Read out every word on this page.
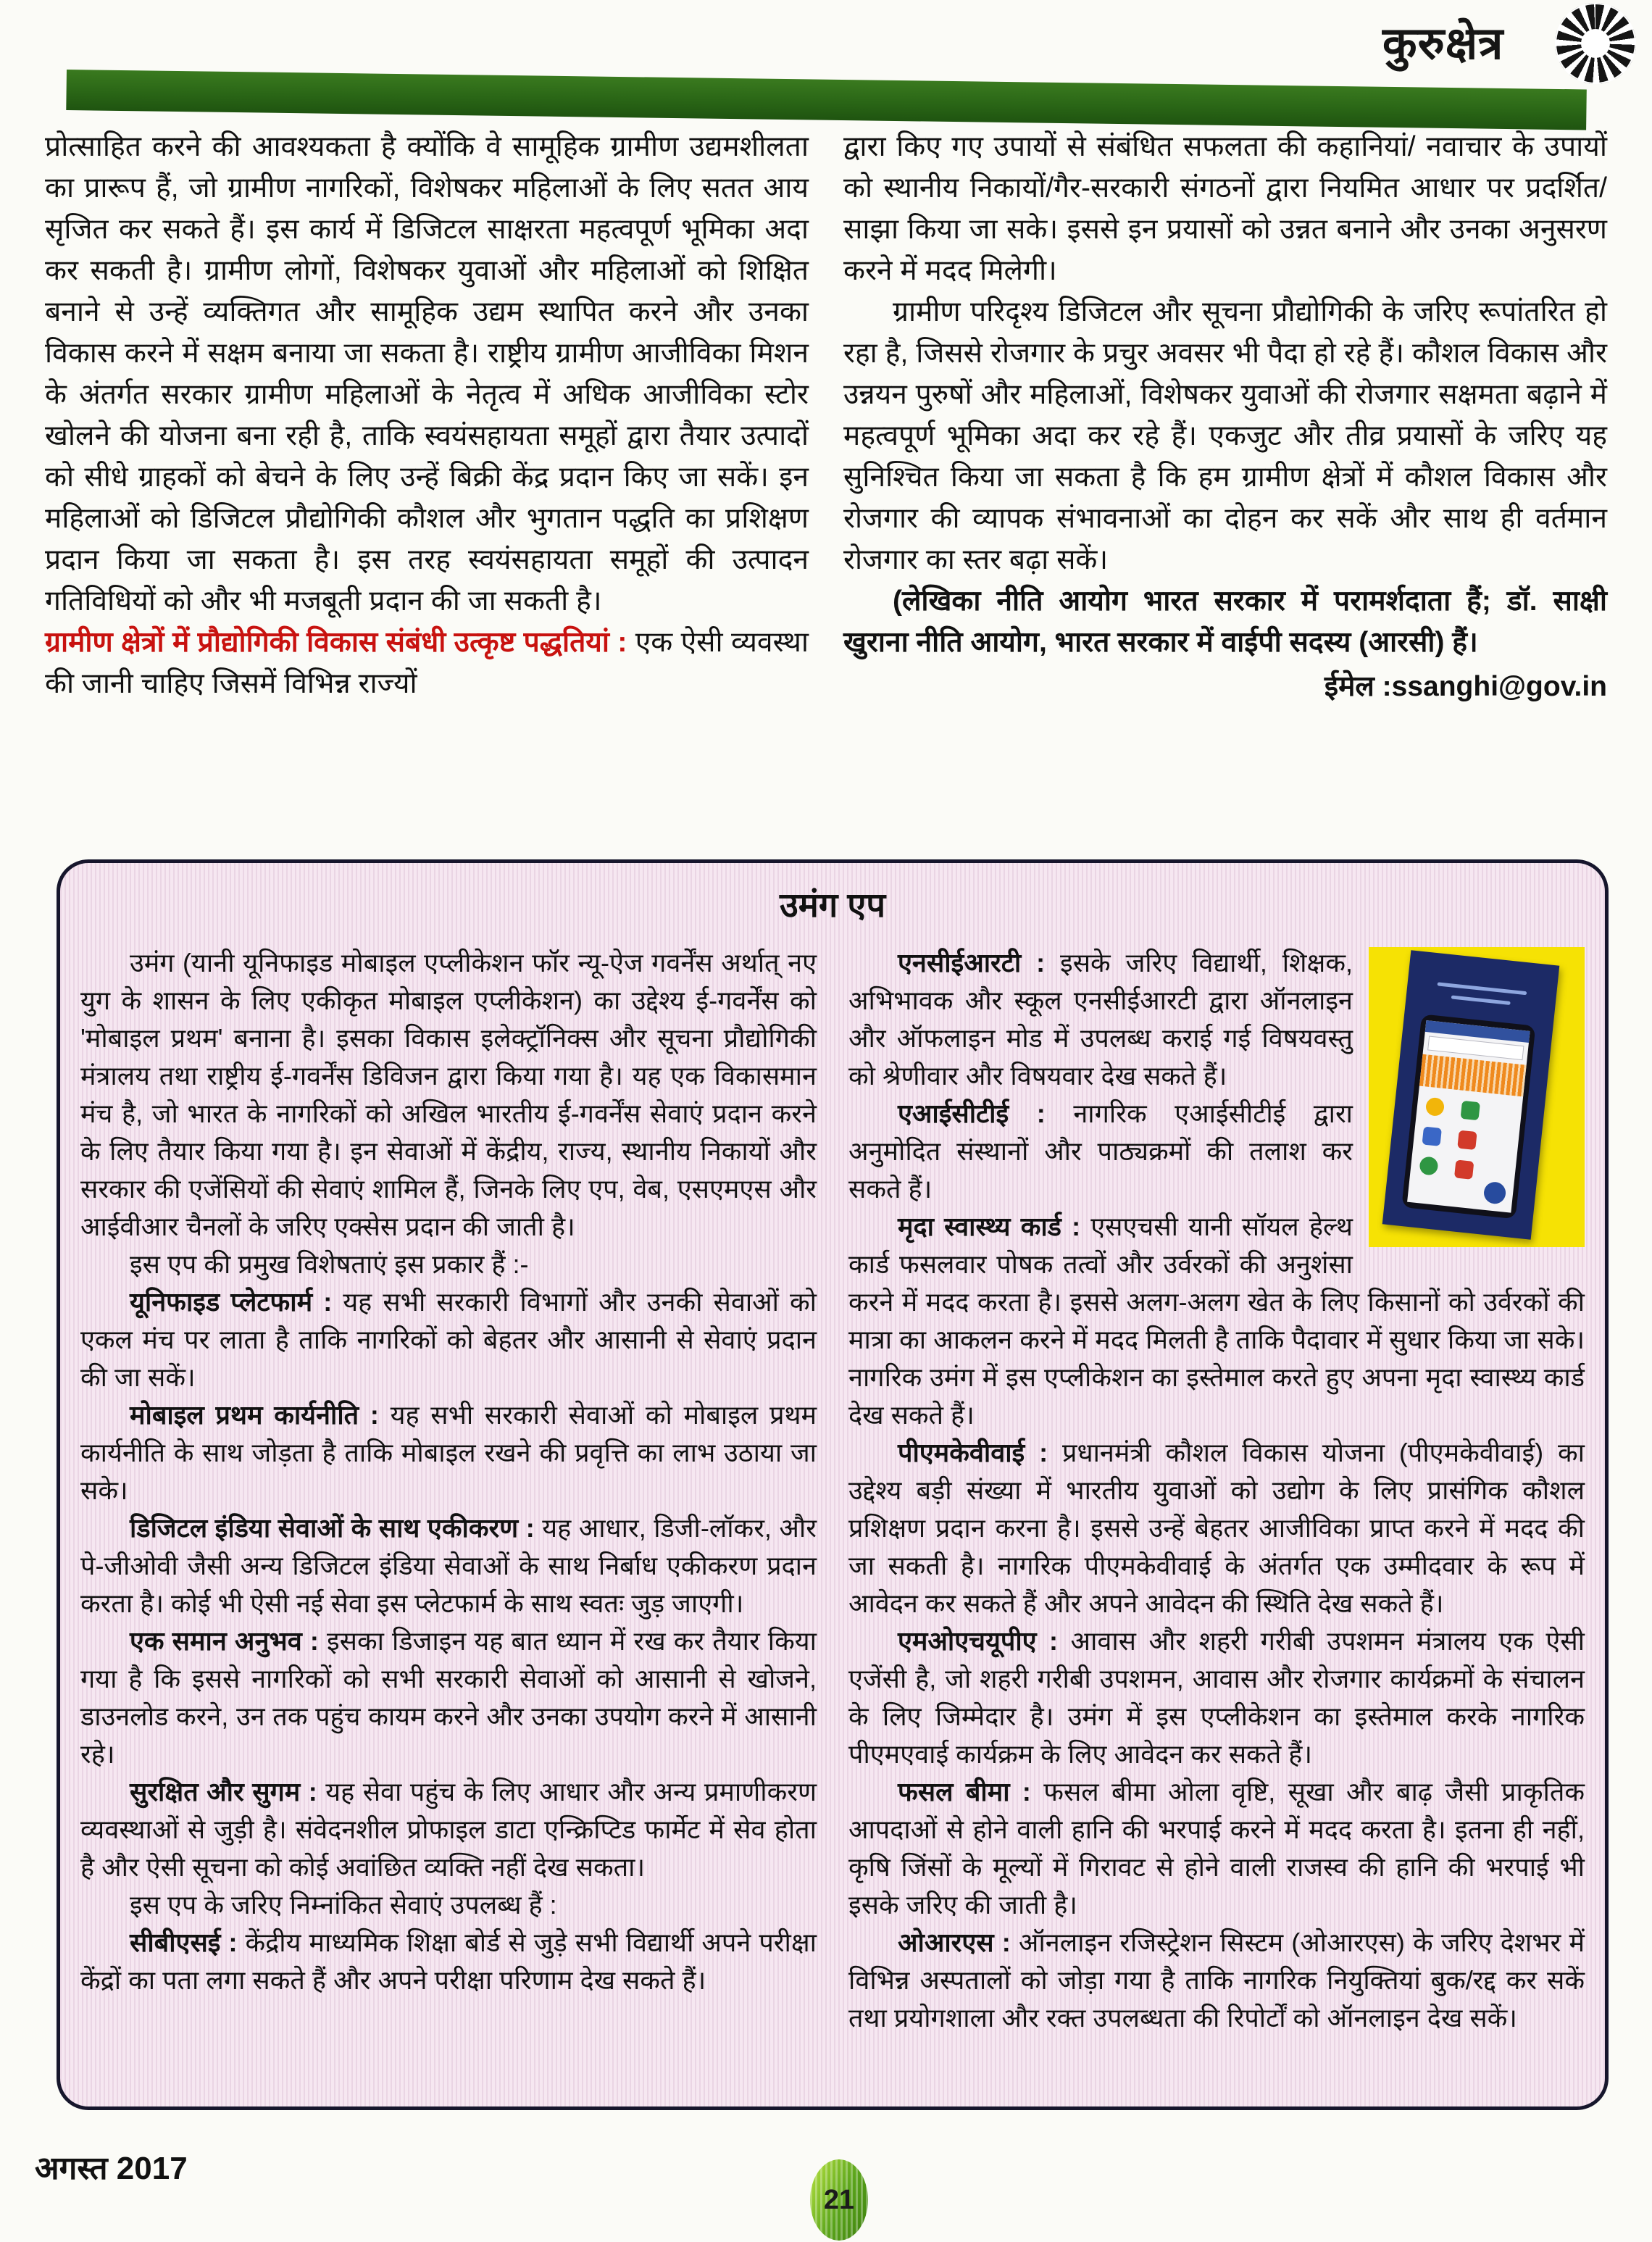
कुरुक्षेत्र

प्रोत्साहित करने की आवश्यकता है क्योंकि वे सामूहिक ग्रामीण उद्यमशीलता का प्रारूप हैं, जो ग्रामीण नागरिकों, विशेषकर महिलाओं के लिए सतत आय सृजित कर सकते हैं। इस कार्य में डिजिटल साक्षरता महत्वपूर्ण भूमिका अदा कर सकती है। ग्रामीण लोगों, विशेषकर युवाओं और महिलाओं को शिक्षित बनाने से उन्हें व्यक्तिगत और सामूहिक उद्यम स्थापित करने और उनका विकास करने में सक्षम बनाया जा सकता है। राष्ट्रीय ग्रामीण आजीविका मिशन के अंतर्गत सरकार ग्रामीण महिलाओं के नेतृत्व में अधिक आजीविका स्टोर खोलने की योजना बना रही है, ताकि स्वयंसहायता समूहों द्वारा तैयार उत्पादों को सीधे ग्राहकों को बेचने के लिए उन्हें बिक्री केंद्र प्रदान किए जा सकें। इन महिलाओं को डिजिटल प्रौद्योगिकी कौशल और भुगतान पद्धति का प्रशिक्षण प्रदान किया जा सकता है। इस तरह स्वयंसहायता समूहों की उत्पादन गतिविधियों को और भी मजबूती प्रदान की जा सकती है।

ग्रामीण क्षेत्रों में प्रौद्योगिकी विकास संबंधी उत्कृष्ट पद्धतियां : एक ऐसी व्यवस्था की जानी चाहिए जिसमें विभिन्न राज्यों

द्वारा किए गए उपायों से संबंधित सफलता की कहानियां/ नवाचार के उपायों को स्थानीय निकायों/गैर-सरकारी संगठनों द्वारा नियमित आधार पर प्रदर्शित/साझा किया जा सके। इससे इन प्रयासों को उन्नत बनाने और उनका अनुसरण करने में मदद मिलेगी।

ग्रामीण परिदृश्य डिजिटल और सूचना प्रौद्योगिकी के जरिए रूपांतरित हो रहा है, जिससे रोजगार के प्रचुर अवसर भी पैदा हो रहे हैं। कौशल विकास और उन्नयन पुरुषों और महिलाओं, विशेषकर युवाओं की रोजगार सक्षमता बढ़ाने में महत्वपूर्ण भूमिका अदा कर रहे हैं। एकजुट और तीव्र प्रयासों के जरिए यह सुनिश्चित किया जा सकता है कि हम ग्रामीण क्षेत्रों में कौशल विकास और रोजगार की व्यापक संभावनाओं का दोहन कर सकें और साथ ही वर्तमान रोजगार का स्तर बढ़ा सकें।

(लेखिका नीति आयोग भारत सरकार में परामर्शदाता हैं; डॉ. साक्षी खुराना नीति आयोग, भारत सरकार में वाईपी सदस्य (आरसी) हैं।

ईमेल :ssanghi@gov.in

उमंग एप

उमंग (यानी यूनिफाइड मोबाइल एप्लीकेशन फॉर न्यू-ऐज गवर्नेंस अर्थात् नए युग के शासन के लिए एकीकृत मोबाइल एप्लीकेशन) का उद्देश्य ई-गवर्नेंस को 'मोबाइल प्रथम' बनाना है। इसका विकास इलेक्ट्रॉनिक्स और सूचना प्रौद्योगिकी मंत्रालय तथा राष्ट्रीय ई-गवर्नेंस डिविजन द्वारा किया गया है। यह एक विकासमान मंच है, जो भारत के नागरिकों को अखिल भारतीय ई-गवर्नेंस सेवाएं प्रदान करने के लिए तैयार किया गया है। इन सेवाओं में केंद्रीय, राज्य, स्थानीय निकायों और सरकार की एजेंसियों की सेवाएं शामिल हैं, जिनके लिए एप, वेब, एसएमएस और आईवीआर चैनलों के जरिए एक्सेस प्रदान की जाती है।

इस एप की प्रमुख विशेषताएं इस प्रकार हैं :-

यूनिफाइड प्लेटफार्म : यह सभी सरकारी विभागों और उनकी सेवाओं को एकल मंच पर लाता है ताकि नागरिकों को बेहतर और आसानी से सेवाएं प्रदान की जा सकें।

मोबाइल प्रथम कार्यनीति : यह सभी सरकारी सेवाओं को मोबाइल प्रथम कार्यनीति के साथ जोड़ता है ताकि मोबाइल रखने की प्रवृत्ति का लाभ उठाया जा सके।

डिजिटल इंडिया सेवाओं के साथ एकीकरण : यह आधार, डिजी-लॉकर, और पे-जीओवी जैसी अन्य डिजिटल इंडिया सेवाओं के साथ निर्बाध एकीकरण प्रदान करता है। कोई भी ऐसी नई सेवा इस प्लेटफार्म के साथ स्वतः जुड़ जाएगी।

एक समान अनुभव : इसका डिजाइन यह बात ध्यान में रख कर तैयार किया गया है कि इससे नागरिकों को सभी सरकारी सेवाओं को आसानी से खोजने, डाउनलोड करने, उन तक पहुंच कायम करने और उनका उपयोग करने में आसानी रहे।

सुरक्षित और सुगम : यह सेवा पहुंच के लिए आधार और अन्य प्रमाणीकरण व्यवस्थाओं से जुड़ी है। संवेदनशील प्रोफाइल डाटा एन्क्रिप्टिड फार्मेट में सेव होता है और ऐसी सूचना को कोई अवांछित व्यक्ति नहीं देख सकता।

इस एप के जरिए निम्नांकित सेवाएं उपलब्ध हैं :

सीबीएसई : केंद्रीय माध्यमिक शिक्षा बोर्ड से जुड़े सभी विद्यार्थी अपने परीक्षा केंद्रों का पता लगा सकते हैं और अपने परीक्षा परिणाम देख सकते हैं।

एनसीईआरटी : इसके जरिए विद्यार्थी, शिक्षक, अभिभावक और स्कूल एनसीईआरटी द्वारा ऑनलाइन और ऑफलाइन मोड में उपलब्ध कराई गई विषयवस्तु को श्रेणीवार और विषयवार देख सकते हैं।

एआईसीटीई : नागरिक एआईसीटीई द्वारा अनुमोदित संस्थानों और पाठ्यक्रमों की तलाश कर सकते हैं।

मृदा स्वास्थ्य कार्ड : एसएचसी यानी सॉयल हेल्थ कार्ड फसलवार पोषक तत्वों और उर्वरकों की अनुशंसा करने में मदद करता है। इससे अलग-अलग खेत के लिए किसानों को उर्वरकों की मात्रा का आकलन करने में मदद मिलती है ताकि पैदावार में सुधार किया जा सके। नागरिक उमंग में इस एप्लीकेशन का इस्तेमाल करते हुए अपना मृदा स्वास्थ्य कार्ड देख सकते हैं।

पीएमकेवीवाई : प्रधानमंत्री कौशल विकास योजना (पीएमकेवीवाई) का उद्देश्य बड़ी संख्या में भारतीय युवाओं को उद्योग के लिए प्रासंगिक कौशल प्रशिक्षण प्रदान करना है। इससे उन्हें बेहतर आजीविका प्राप्त करने में मदद की जा सकती है। नागरिक पीएमकेवीवाई के अंतर्गत एक उम्मीदवार के रूप में आवेदन कर सकते हैं और अपने आवेदन की स्थिति देख सकते हैं।

एमओएचयूपीए : आवास और शहरी गरीबी उपशमन मंत्रालय एक ऐसी एजेंसी है, जो शहरी गरीबी उपशमन, आवास और रोजगार कार्यक्रमों के संचालन के लिए जिम्मेदार है। उमंग में इस एप्लीकेशन का इस्तेमाल करके नागरिक पीएमएवाई कार्यक्रम के लिए आवेदन कर सकते हैं।

फसल बीमा : फसल बीमा ओला वृष्टि, सूखा और बाढ़ जैसी प्राकृतिक आपदाओं से होने वाली हानि की भरपाई करने में मदद करता है। इतना ही नहीं, कृषि जिंसों के मूल्यों में गिरावट से होने वाली राजस्व की हानि की भरपाई भी इसके जरिए की जाती है।

ओआरएस : ऑनलाइन रजिस्ट्रेशन सिस्टम (ओआरएस) के जरिए देशभर में विभिन्न अस्पतालों को जोड़ा गया है ताकि नागरिक नियुक्तियां बुक/रद्द कर सकें तथा प्रयोगशाला और रक्त उपलब्धता की रिपोर्टों को ऑनलाइन देख सकें।

अगस्त 2017
21
